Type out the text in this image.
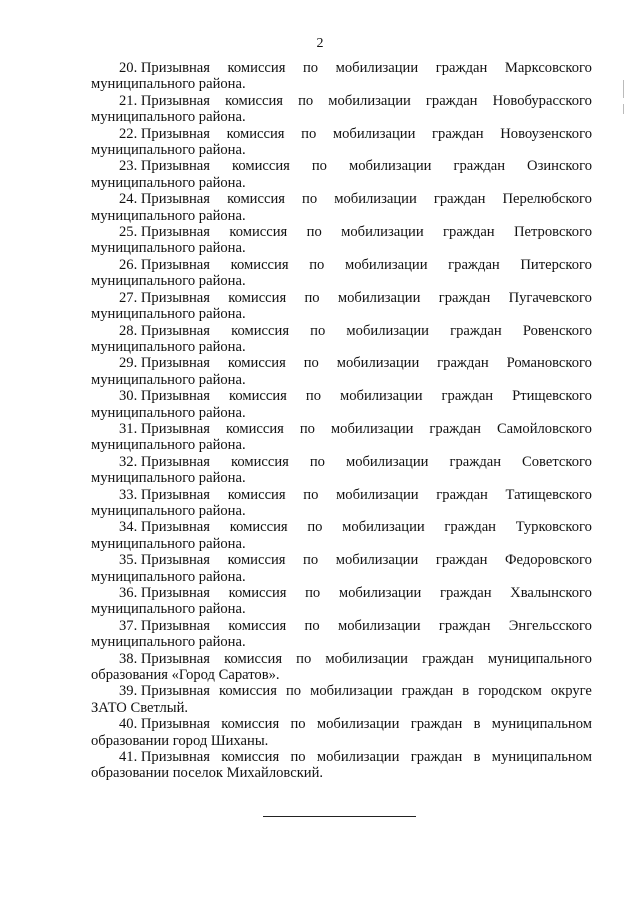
2
20. Призывная комиссия по мобилизации граждан Марксовского
муниципального района.
21. Призывная комиссия по мобилизации граждан Новобурасского
муниципального района.
22. Призывная комиссия по мобилизации граждан Новоузенского
муниципального района.
23. Призывная комиссия по мобилизации граждан Озинского
муниципального района.
24. Призывная комиссия по мобилизации граждан Перелюбского
муниципального района.
25. Призывная комиссия по мобилизации граждан Петровского
муниципального района.
26. Призывная комиссия по мобилизации граждан Питерского
муниципального района.
27. Призывная комиссия по мобилизации граждан Пугачевского
муниципального района.
28. Призывная комиссия по мобилизации граждан Ровенского
муниципального района.
29. Призывная комиссия по мобилизации граждан Романовского
муниципального района.
30. Призывная комиссия по мобилизации граждан Ртищевского
муниципального района.
31. Призывная комиссия по мобилизации граждан Самойловского
муниципального района.
32. Призывная комиссия по мобилизации граждан Советского
муниципального района.
33. Призывная комиссия по мобилизации граждан Татищевского
муниципального района.
34. Призывная комиссия по мобилизации граждан Турковского
муниципального района.
35. Призывная комиссия по мобилизации граждан Федоровского
муниципального района.
36. Призывная комиссия по мобилизации граждан Хвалынского
муниципального района.
37. Призывная комиссия по мобилизации граждан Энгельсского
муниципального района.
38. Призывная комиссия по мобилизации граждан муниципального
образования «Город Саратов».
39. Призывная комиссия по мобилизации граждан в городском округе
ЗАТО Светлый.
40. Призывная комиссия по мобилизации граждан в муниципальном
образовании город Шиханы.
41. Призывная комиссия по мобилизации граждан в муниципальном
образовании поселок Михайловский.
